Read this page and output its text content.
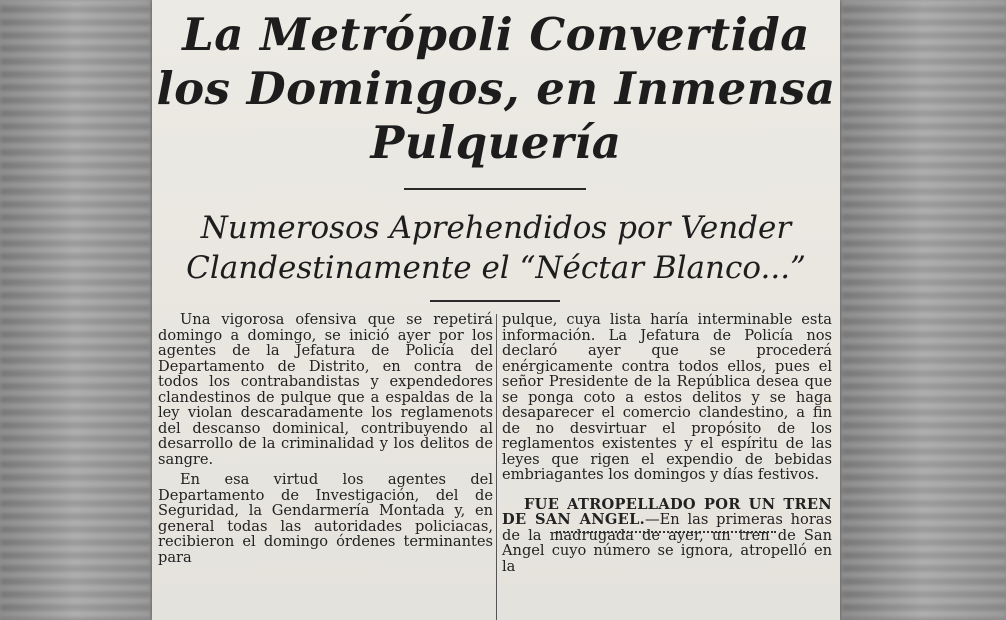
La Metrópoli Convertida los Domingos, en Inmensa Pulquería
Numerosos Aprehendidos por Vender Clandestinamente el “Néctar Blanco...”

Una vigorosa ofensiva que se repetirá domingo a domingo, se inició ayer por los agentes de la Jefatura de Policía del Departamento de Distrito, en contra de todos los contrabandistas y expendedores clandestinos de pulque que a espaldas de la ley violan descaradamente los reglamenots del descanso dominical, contribuyendo al desarrollo de la criminalidad y los delitos de sangre.

En esa virtud los agentes del Departamento de Investigación, del de Seguridad, la Gendarmería Montada y, en general todas las autoridades policiacas, recibieron el domingo órdenes terminantes para

pulque, cuya lista haría interminable esta información. La Jefatura de Policía nos declaró ayer que se procederá enérgicamente contra todos ellos, pues el señor Presidente de la República desea que se ponga coto a estos delitos y se haga desaparecer el comercio clandestino, a fin de no desvirtuar el propósito de los reglamentos existentes y el espíritu de las leyes que rigen el expendio de bebidas embriagantes los domingos y días festivos.

FUE ATROPELLADO POR UN TREN DE SAN ANGEL.—En las primeras horas de la madrugada de ayer, un tren de San Angel cuyo número se ignora, atropelló en la
